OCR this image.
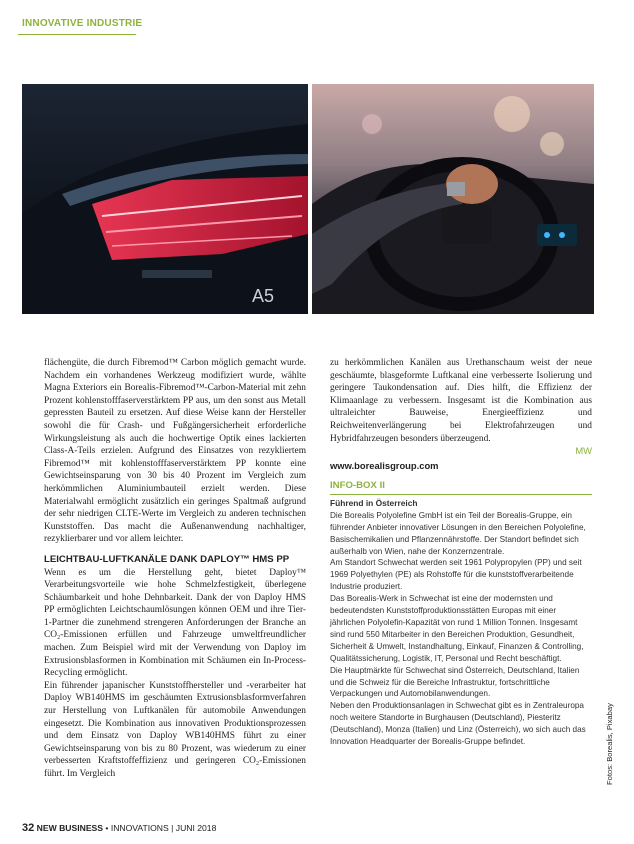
INNOVATIVE INDUSTRIE
A5

flächengüte, die durch Fibremod™ Carbon möglich gemacht wurde. Nachdem ein vorhandenes Werkzeug modifiziert wurde, wählte Magna Exteriors ein Borealis-Fibremod™-Carbon-Material mit zehn Prozent kohlenstofffaserverstärktem PP aus, um den sonst aus Metall gepressten Bauteil zu ersetzen. Auf diese Weise kann der Hersteller sowohl die für Crash- und Fußgängersicherheit erforderliche Wirkungsleistung als auch die hochwertige Optik eines lackierten Class-A-Teils erzielen. Aufgrund des Einsatzes von rezykliertem Fibremod™ mit kohlenstofffaserverstärktem PP konnte eine Gewichtseinsparung von 30 bis 40 Prozent im Vergleich zum herkömmlichen Aluminiumbauteil erzielt werden. Diese Materialwahl ermöglicht zusätzlich ein geringes Spaltmaß aufgrund der sehr niedrigen CLTE-Werte im Vergleich zu anderen technischen Kunststoffen. Das macht die Außenanwendung nachhaltiger, rezyklierbarer und vor allem leichter.

LEICHTBAU-LUFTKANÄLE DANK DAPLOY™ HMS PP

Wenn es um die Herstellung geht, bietet Daploy™ Verarbeitungsvorteile wie hohe Schmelzfestigkeit, überlegene Schäumbarkeit und hohe Dehnbarkeit. Dank der von Daploy HMS PP ermöglichten Leichtschaumlösungen können OEM und ihre Tier-1-Partner die zunehmend strengeren Anforderungen der Branche an CO₂-Emissionen erfüllen und Fahrzeuge umweltfreundlicher machen. Zum Beispiel wird mit der Verwendung von Daploy im Extrusionsblasformen in Kombination mit Schäumen ein In-Process-Recycling ermöglicht.

Ein führender japanischer Kunststoffhersteller und -verarbeiter hat Daploy WB140HMS im geschäumten Extrusionsblasformverfahren zur Herstellung von Luftkanälen für automobile Anwendungen eingesetzt. Die Kombination aus innovativen Produktionsprozessen und dem Einsatz von Daploy WB140HMS führt zu einer Gewichtseinsparung von bis zu 80 Prozent, was wiederum zu einer verbesserten Kraftstoffeffizienz und geringeren CO₂-Emissionen führt. Im Vergleich

zu herkömmlichen Kanälen aus Urethanschaum weist der neue geschäumte, blasgeformte Luftkanal eine verbesserte Isolierung und geringere Taukondensation auf. Dies hilft, die Effizienz der Klimaanlage zu verbessern. Insgesamt ist die Kombination aus ultraleichter Bauweise, Energieeffizienz und Reichweitenverlängerung bei Elektrofahrzeugen und Hybridfahrzeugen besonders überzeugend.
MW

www.borealisgroup.com

INFO-BOX II
Führend in Österreich

Die Borealis Polyolefine GmbH ist ein Teil der Borealis-Gruppe, ein führender Anbieter innovativer Lösungen in den Bereichen Polyolefine, Basischemikalien und Pflanzennährstoffe. Der Standort befindet sich außerhalb von Wien, nahe der Konzernzentrale.

Am Standort Schwechat werden seit 1961 Polypropylen (PP) und seit 1969 Polyethylen (PE) als Rohstoffe für die kunststoffverarbeitende Industrie produziert.

Das Borealis-Werk in Schwechat ist eine der modernsten und bedeutendsten Kunststoffproduktionsstätten Europas mit einer jährlichen Polyolefin-Kapazität von rund 1 Million Tonnen. Insgesamt sind rund 550 Mitarbeiter in den Bereichen Produktion, Gesundheit, Sicherheit & Umwelt, Instandhaltung, Einkauf, Finanzen & Controlling, Qualitätssicherung, Logistik, IT, Personal und Recht beschäftigt.

Die Hauptmärkte für Schwechat sind Österreich, Deutschland, Italien und die Schweiz für die Bereiche Infrastruktur, fortschrittliche Verpackungen und Automobilanwendungen.

Neben den Produktionsanlagen in Schwechat gibt es in Zentraleuropa noch weitere Standorte in Burghausen (Deutschland), Piesteritz (Deutschland), Monza (Italien) und Linz (Österreich), wo sich auch das Innovation Headquarter der Borealis-Gruppe befindet.	Fotos: Borealis, Pixabay
32 NEW BUSINESS • INNOVATIONS | JUNI 2018
